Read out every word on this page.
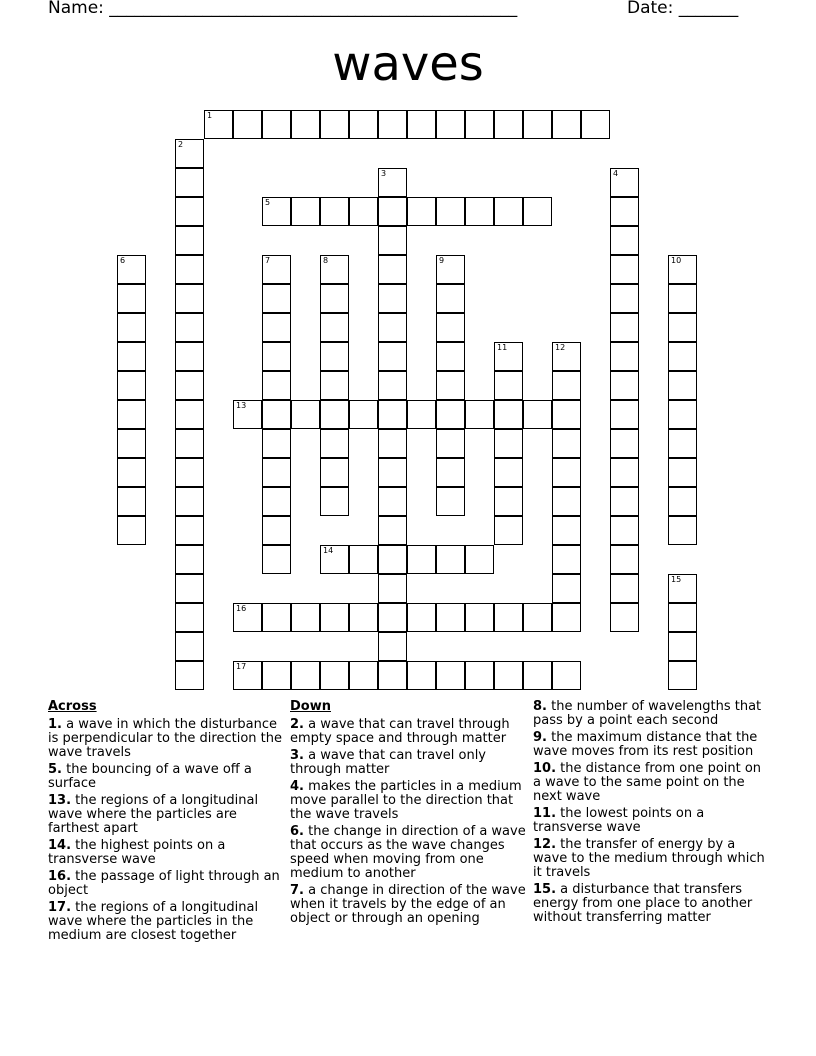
Name: ________________________________________________	Date: _______
waves
1
2
3	4
5
6	7	8	9	10
11	12
13
14
15
16
17
Across
1. a wave in which the disturbance is perpendicular to the direction the wave travels
5. the bouncing of a wave off a surface
13. the regions of a longitudinal wave where the particles are farthest apart
14. the highest points on a transverse wave
16. the passage of light through an object
17. the regions of a longitudinal wave where the particles in the medium are closest together
Down
2. a wave that can travel through empty space and through matter
3. a wave that can travel only through matter
4. makes the particles in a medium move parallel to the direction that the wave travels
6. the change in direction of a wave that occurs as the wave changes speed when moving from one medium to another
7. a change in direction of the wave when it travels by the edge of an object or through an opening
8. the number of wavelengths that pass by a point each second
9. the maximum distance that the wave moves from its rest position
10. the distance from one point on a wave to the same point on the next wave
11. the lowest points on a transverse wave
12. the transfer of energy by a wave to the medium through which it travels
15. a disturbance that transfers energy from one place to another without transferring matter
